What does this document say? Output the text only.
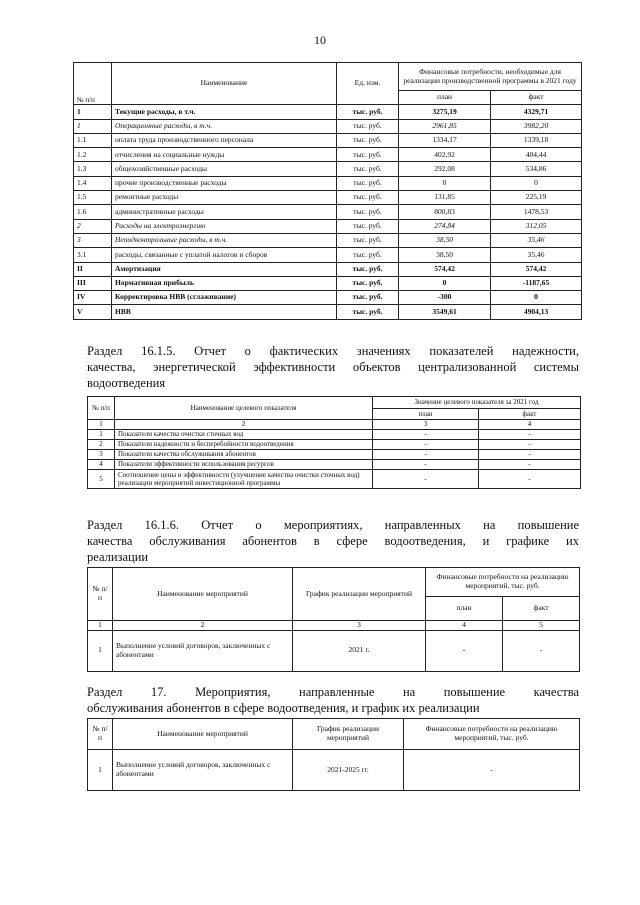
10
№ п/п	Наименование	Ед. изм.	Финансовые потребности, необходимые для реализации производственной программы в 2021 году	
			план	факт
1	Текущие расходы, в т.ч.	тыс. руб.	3275,19	4329,71
1	Операционные расходы, в т.ч.	тыс. руб.	2961,85	3982,20
1.1	оплата труда производственного персонала	тыс. руб.	1334,17	1339,18
1.2	отчисления на социальные нужды	тыс. руб.	402,92	404,44
1.3	общехозяйственные расходы	тыс. руб.	292,08	534,86
1.4	прочие производственные расходы	тыс. руб.	0	0
1.5	ремонтные расходы	тыс. руб.	131,85	225,19
1.6	административные расходы	тыс. руб.	800,83	1478,53
2	Расходы на электроэнергию	тыс. руб.	274,84	312,05
3	Неподконтрольные расходы, в т.ч.	тыс. руб.	38,50	35,46
3.1	расходы, связанные с уплатой налогов и сборов	тыс. руб.	38,50	35,46
II	Амортизация	тыс. руб.	574,42	574,42
III	Нормативная прибыль	тыс. руб.	0	-1187,65
IV	Корректировка НВВ (сглаживание)	тыс. руб.	-300	0
V	НВВ	тыс. руб.	3549,61	4904,13
Раздел 16.1.5. Отчет о фактических значениях показателей надежности,
качества, энергетической эффективности объектов централизованной системы
водоотведения
№ п/п	Наименование целевого показателя	Значение целевого показателя за 2021 год	
		план	факт
1	2	3	4
1	Показатели качества очистки сточных вод	-	-
2	Показатели надежности и бесперебойности водоотведения	-	-
3	Показатели качества обслуживания абонентов	-	-
4	Показатели эффективности использования ресурсов	-	-
5	Соотношение цены и эффективности (улучшение качества очистки сточных вод) реализации мероприятий инвестиционной программы	-	-
Раздел 16.1.6. Отчет о мероприятиях, направленных на повышение
качества обслуживания абонентов в сфере водоотведения, и графике их
реализации
№ п/п	Наименование мероприятий	График реализации мероприятий	Финансовые потребности на реализацию мероприятий, тыс. руб.	
			план	факт
1	2	3	4	5
1	Выполнение условий договоров, заключенных с абонентами	2021 г.	-	-
Раздел 17. Мероприятия, направленные на повышение качества
обслуживания абонентов в сфере водоотведения, и график их реализации
№ п/п	Наименование мероприятий	График реализации мероприятий	Финансовые потребности на реализацию мероприятий, тыс. руб.
1	Выполнение условий договоров, заключенных с абонентами	2021-2025 гг.	-
